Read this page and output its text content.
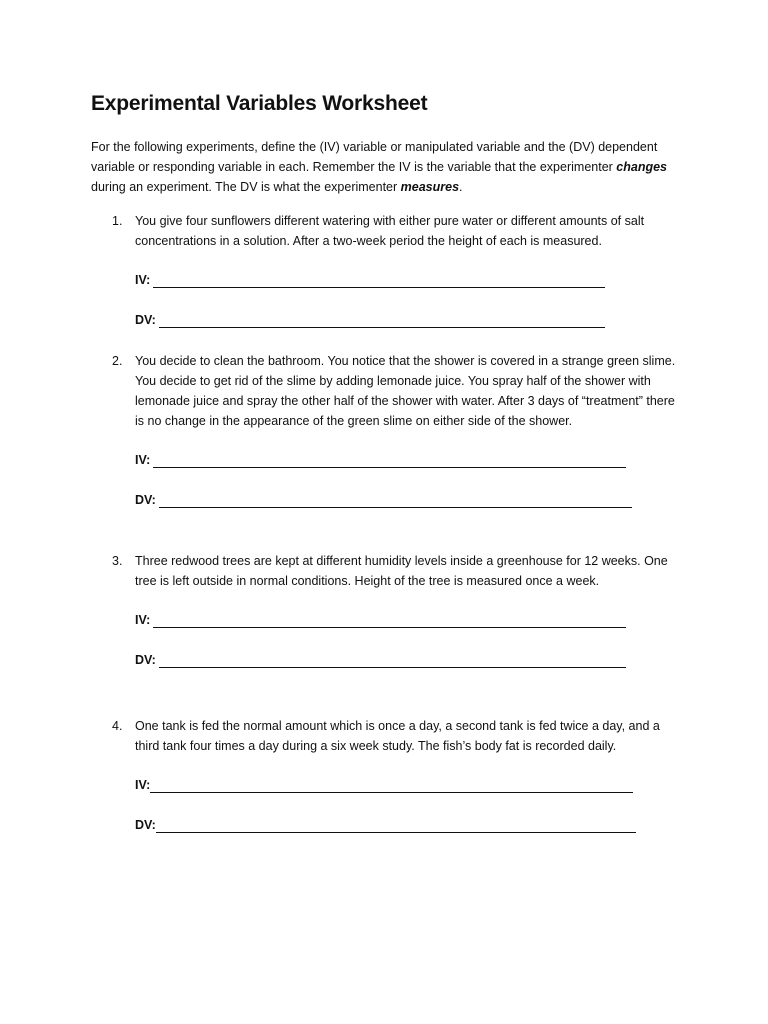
Experimental Variables Worksheet

For the following experiments, define the (IV) variable or manipulated variable and the (DV) dependent variable or responding variable in each. Remember the IV is the variable that the experimenter changes during an experiment. The DV is what the experimenter measures.

1. You give four sunflowers different watering with either pure water or different amounts of salt concentrations in a solution. After a two-week period the height of each is measured.

IV:
DV:
2. You decide to clean the bathroom. You notice that the shower is covered in a strange green slime. You decide to get rid of the slime by adding lemonade juice. You spray half of the shower with lemonade juice and spray the other half of the shower with water. After 3 days of “treatment” there is no change in the appearance of the green slime on either side of the shower.

IV:
DV:
3. Three redwood trees are kept at different humidity levels inside a greenhouse for 12 weeks. One tree is left outside in normal conditions. Height of the tree is measured once a week.

IV:
DV:
4. One tank is fed the normal amount which is once a day, a second tank is fed twice a day, and a third tank four times a day during a six week study. The fish’s body fat is recorded daily.

IV:
DV:
